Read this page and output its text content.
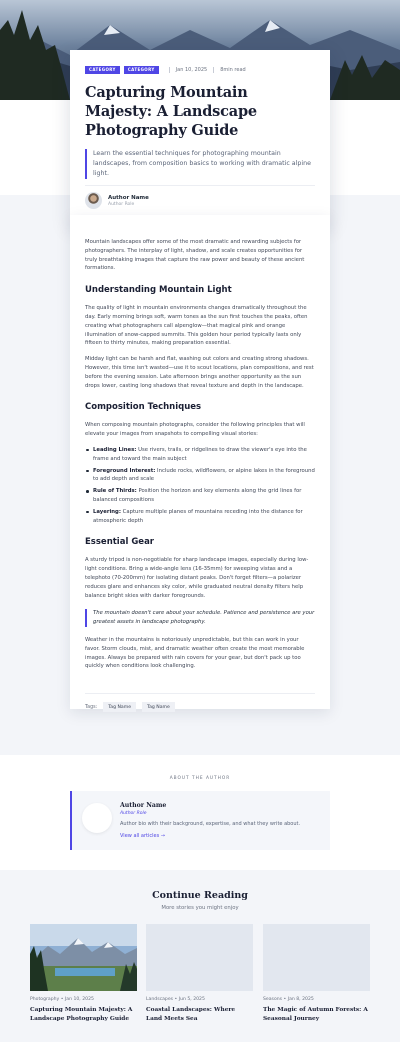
CATEGORY	CATEGORY	Jan 10, 2025	8min read
Capturing Mountain Majesty: A Landscape Photography Guide

Learn the essential techniques for photographing mountain landscapes, from composition basics to working with dramatic alpine light.

Author Name
Author Role

Mountain landscapes offer some of the most dramatic and rewarding subjects for photographers. The interplay of light, shadow, and scale creates opportunities for truly breathtaking images that capture the raw power and beauty of these ancient formations.

Understanding Mountain Light

The quality of light in mountain environments changes dramatically throughout the day. Early morning brings soft, warm tones as the sun first touches the peaks, often creating what photographers call alpenglow—that magical pink and orange illumination of snow-capped summits. This golden hour period typically lasts only fifteen to thirty minutes, making preparation essential.

Midday light can be harsh and flat, washing out colors and creating strong shadows. However, this time isn't wasted—use it to scout locations, plan compositions, and rest before the evening session. Late afternoon brings another opportunity as the sun drops lower, casting long shadows that reveal texture and depth in the landscape.

Composition Techniques

When composing mountain photographs, consider the following principles that will elevate your images from snapshots to compelling visual stories:

Leading Lines: Use rivers, trails, or ridgelines to draw the viewer's eye into the frame and toward the main subject
Foreground Interest: Include rocks, wildflowers, or alpine lakes in the foreground to add depth and scale
Rule of Thirds: Position the horizon and key elements along the grid lines for balanced compositions
Layering: Capture multiple planes of mountains receding into the distance for atmospheric depth
Essential Gear

A sturdy tripod is non-negotiable for sharp landscape images, especially during low-light conditions. Bring a wide-angle lens (16-35mm) for sweeping vistas and a telephoto (70-200mm) for isolating distant peaks. Don't forget filters—a polarizer reduces glare and enhances sky color, while graduated neutral density filters help balance bright skies with darker foregrounds.

The mountain doesn't care about your schedule. Patience and persistence are your greatest assets in landscape photography.

Weather in the mountains is notoriously unpredictable, but this can work in your favor. Storm clouds, mist, and dramatic weather often create the most memorable images. Always be prepared with rain covers for your gear, but don't pack up too quickly when conditions look challenging.

Tags:	Tag Name	Tag Name
ABOUT THE AUTHOR
Author Name
Author Role
Author bio with their background, expertise, and what they write about.
View all articles →
Continue Reading
More stories you might enjoy
Photography • Jan 10, 2025
Capturing Mountain Majesty: A Landscape Photography Guide
Landscapes • Jun 5, 2025
Coastal Landscapes: Where Land Meets Sea
Seasons • Jan 8, 2025
The Magic of Autumn Forests: A Seasonal Journey
